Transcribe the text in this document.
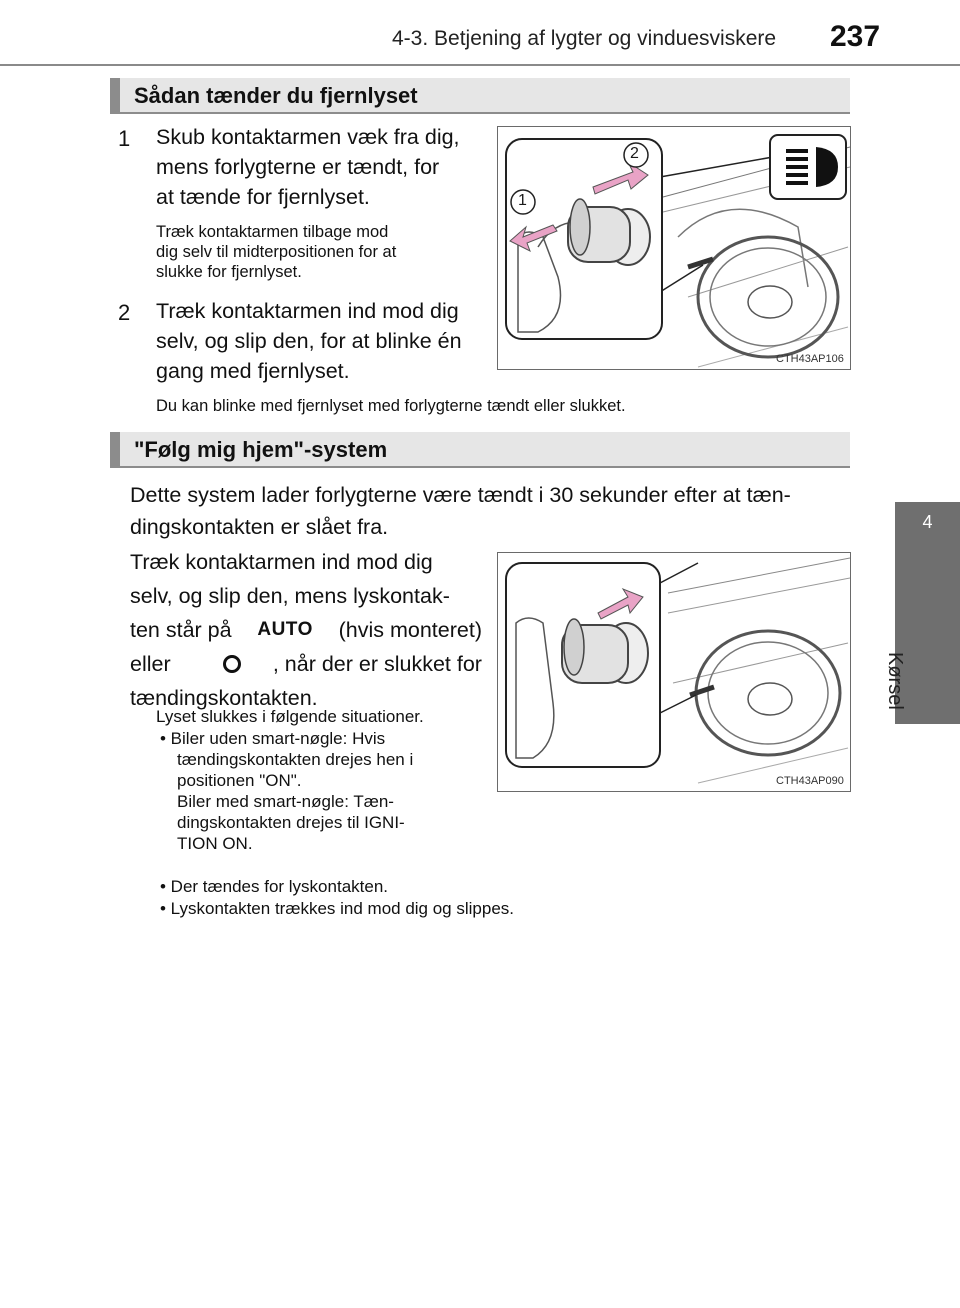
4-3. Betjening af lygter og vinduesviskere 237
4
Kørsel
Sådan tænder du fjernlyset
1 Skub kontaktarmen væk fra dig,
mens forlygterne er tændt, for
at tænde for fjernlyset.
Træk kontaktarmen tilbage mod
dig selv til midterpositionen for at
slukke for fjernlyset.
2 Træk kontaktarmen ind mod dig
selv, og slip den, for at blinke én
gang med fjernlyset.
Du kan blinke med fjernlyset med forlygterne tændt eller slukket.
2
1
CTH43AP106
"Følg mig hjem"-system
Dette system lader forlygterne være tændt i 30 sekunder efter at tæn-
dingskontakten er slået fra.
Træk kontaktarmen ind mod dig
selv, og slip den, mens lyskontak-
ten står på AUTO (hvis monteret)
eller	, når der er slukket for
tændingskontakten.
Lyset slukkes i følgende situationer.
• Biler uden smart-nøgle: Hvis
tændingskontakten drejes hen i
positionen "ON".
Biler med smart-nøgle: Tæn-
dingskontakten drejes til IGNI-
TION ON.
• Der tændes for lyskontakten.
• Lyskontakten trækkes ind mod dig og slippes.
CTH43AP090
